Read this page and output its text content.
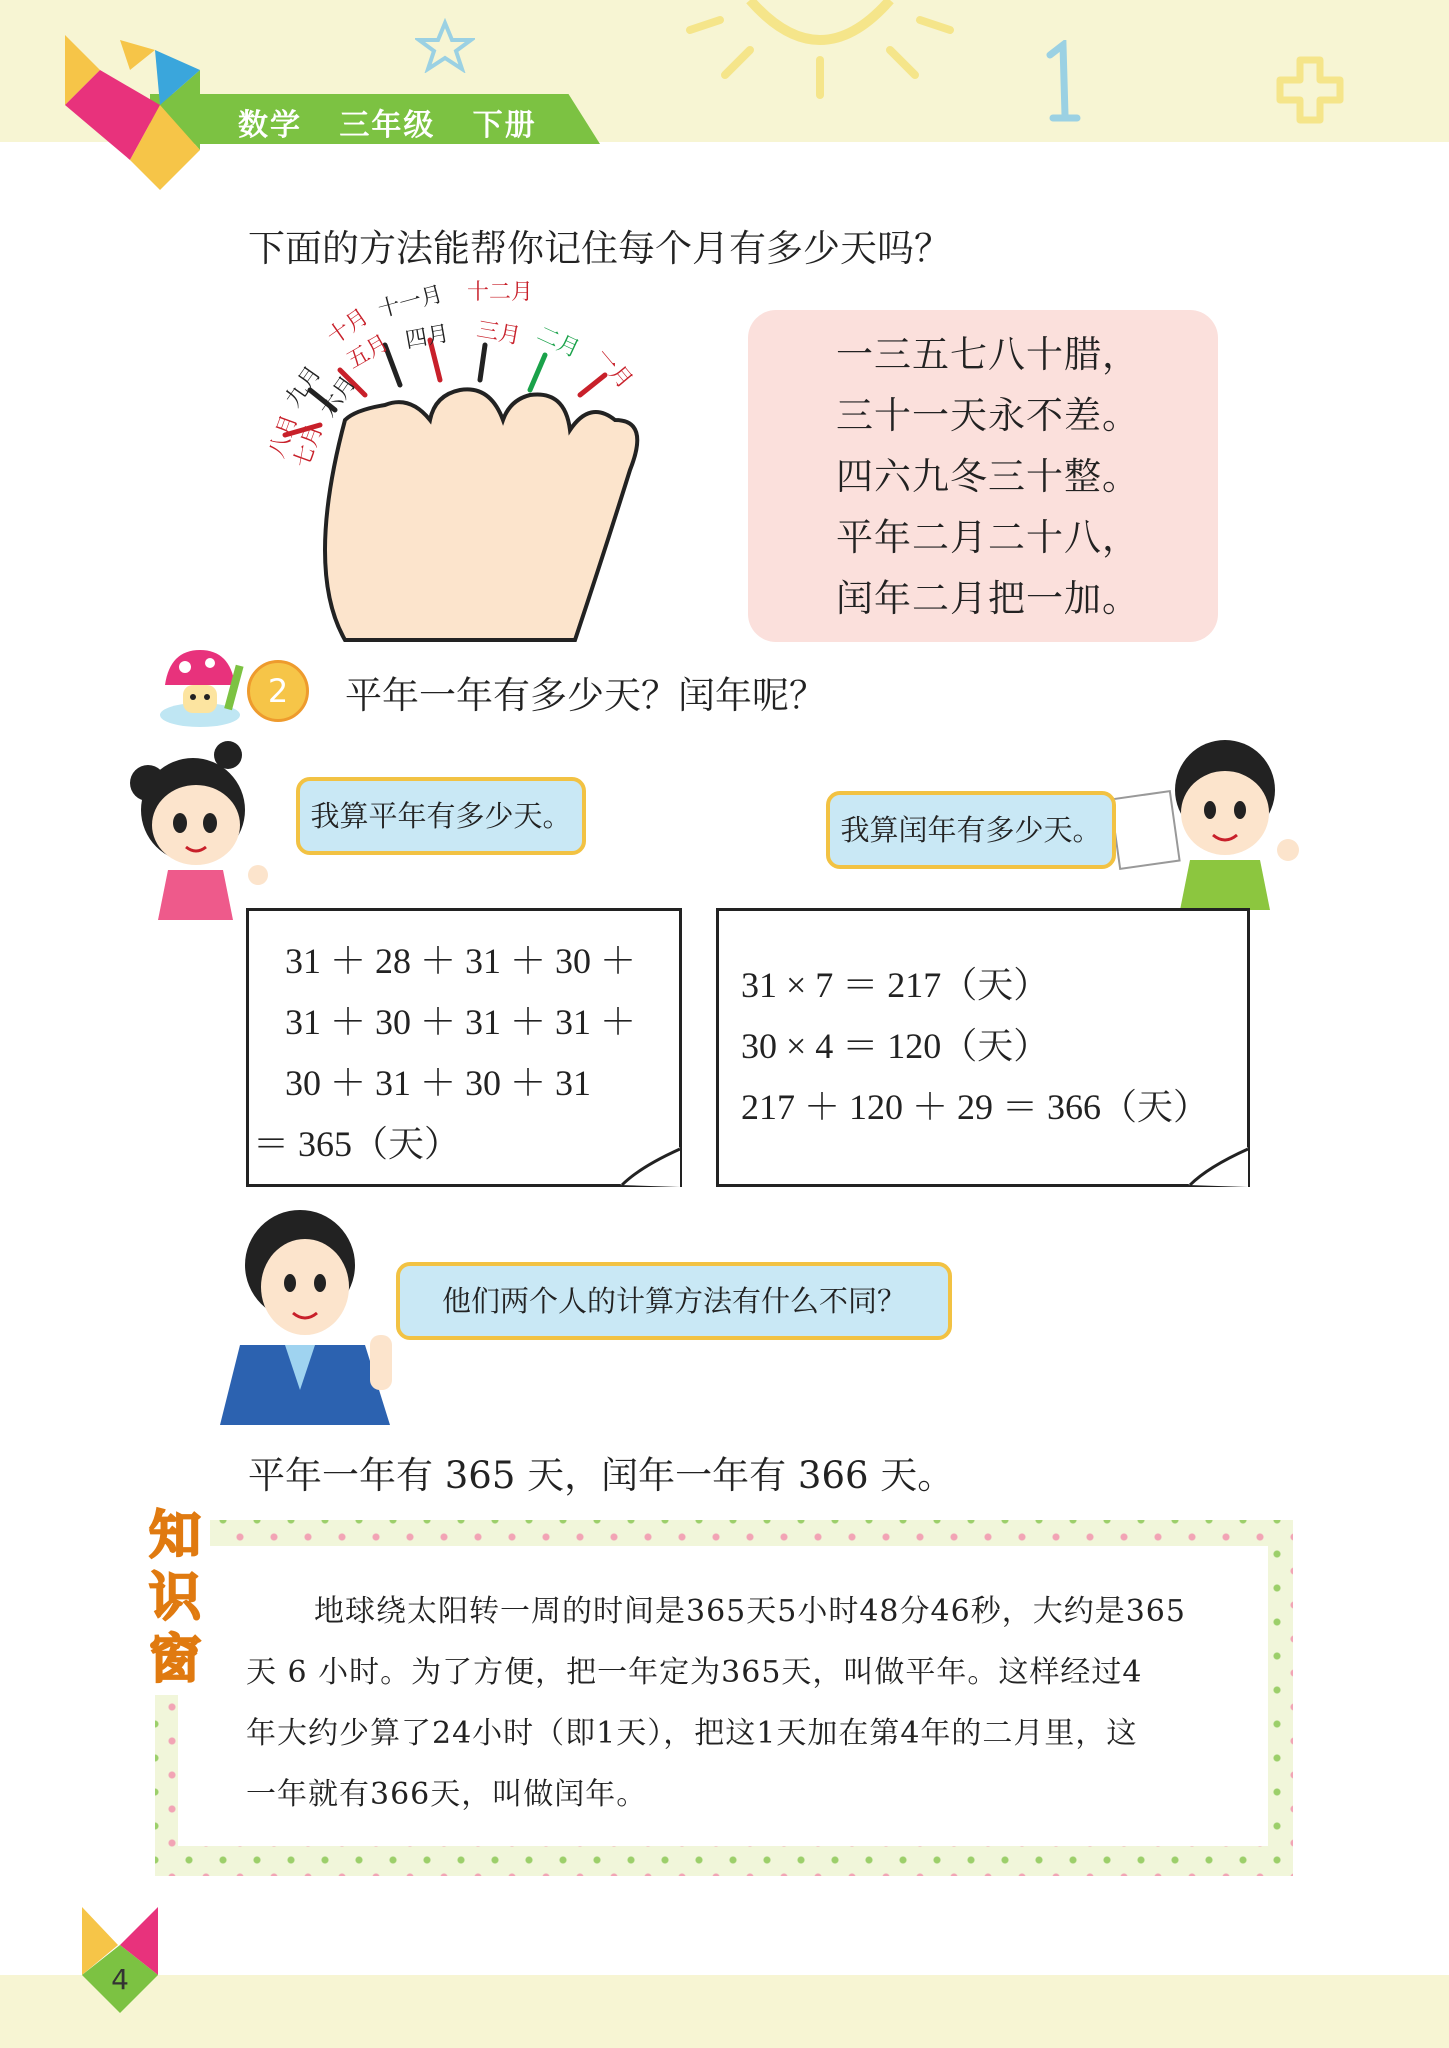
数学   三年级   下册
下面的方法能帮你记住每个月有多少天吗？
八月
九月
十月
十一月 十二月
七月
六月
五月 四月 三月 二月
一月	一三五七八十腊，
三十一天永不差。
四六九冬三十整。
平年二月二十八，
闰年二月把一加。
2	平年一年有多少天？闰年呢？
我算平年有多少天。	我算闰年有多少天。
31 ＋ 28 ＋ 31 ＋ 30 ＋
31 ＋ 30 ＋ 31 ＋ 31 ＋
30 ＋ 31 ＋ 30 ＋ 31
＝ 365（天）
31 × 7 ＝ 217（天）
30 × 4 ＝ 120（天）
217 ＋ 120 ＋ 29 ＝ 366（天）
他们两个人的计算方法有什么不同？
平年一年有 365 天，闰年一年有 366 天。
地球绕太阳转一周的时间是365天5小时48分46秒，大约是365
天 6 小时。为了方便，把一年定为365天，叫做平年。这样经过4
年大约少算了24小时（即1天），把这1天加在第4年的二月里，这
一年就有366天，叫做闰年。
知
识
窗
4
